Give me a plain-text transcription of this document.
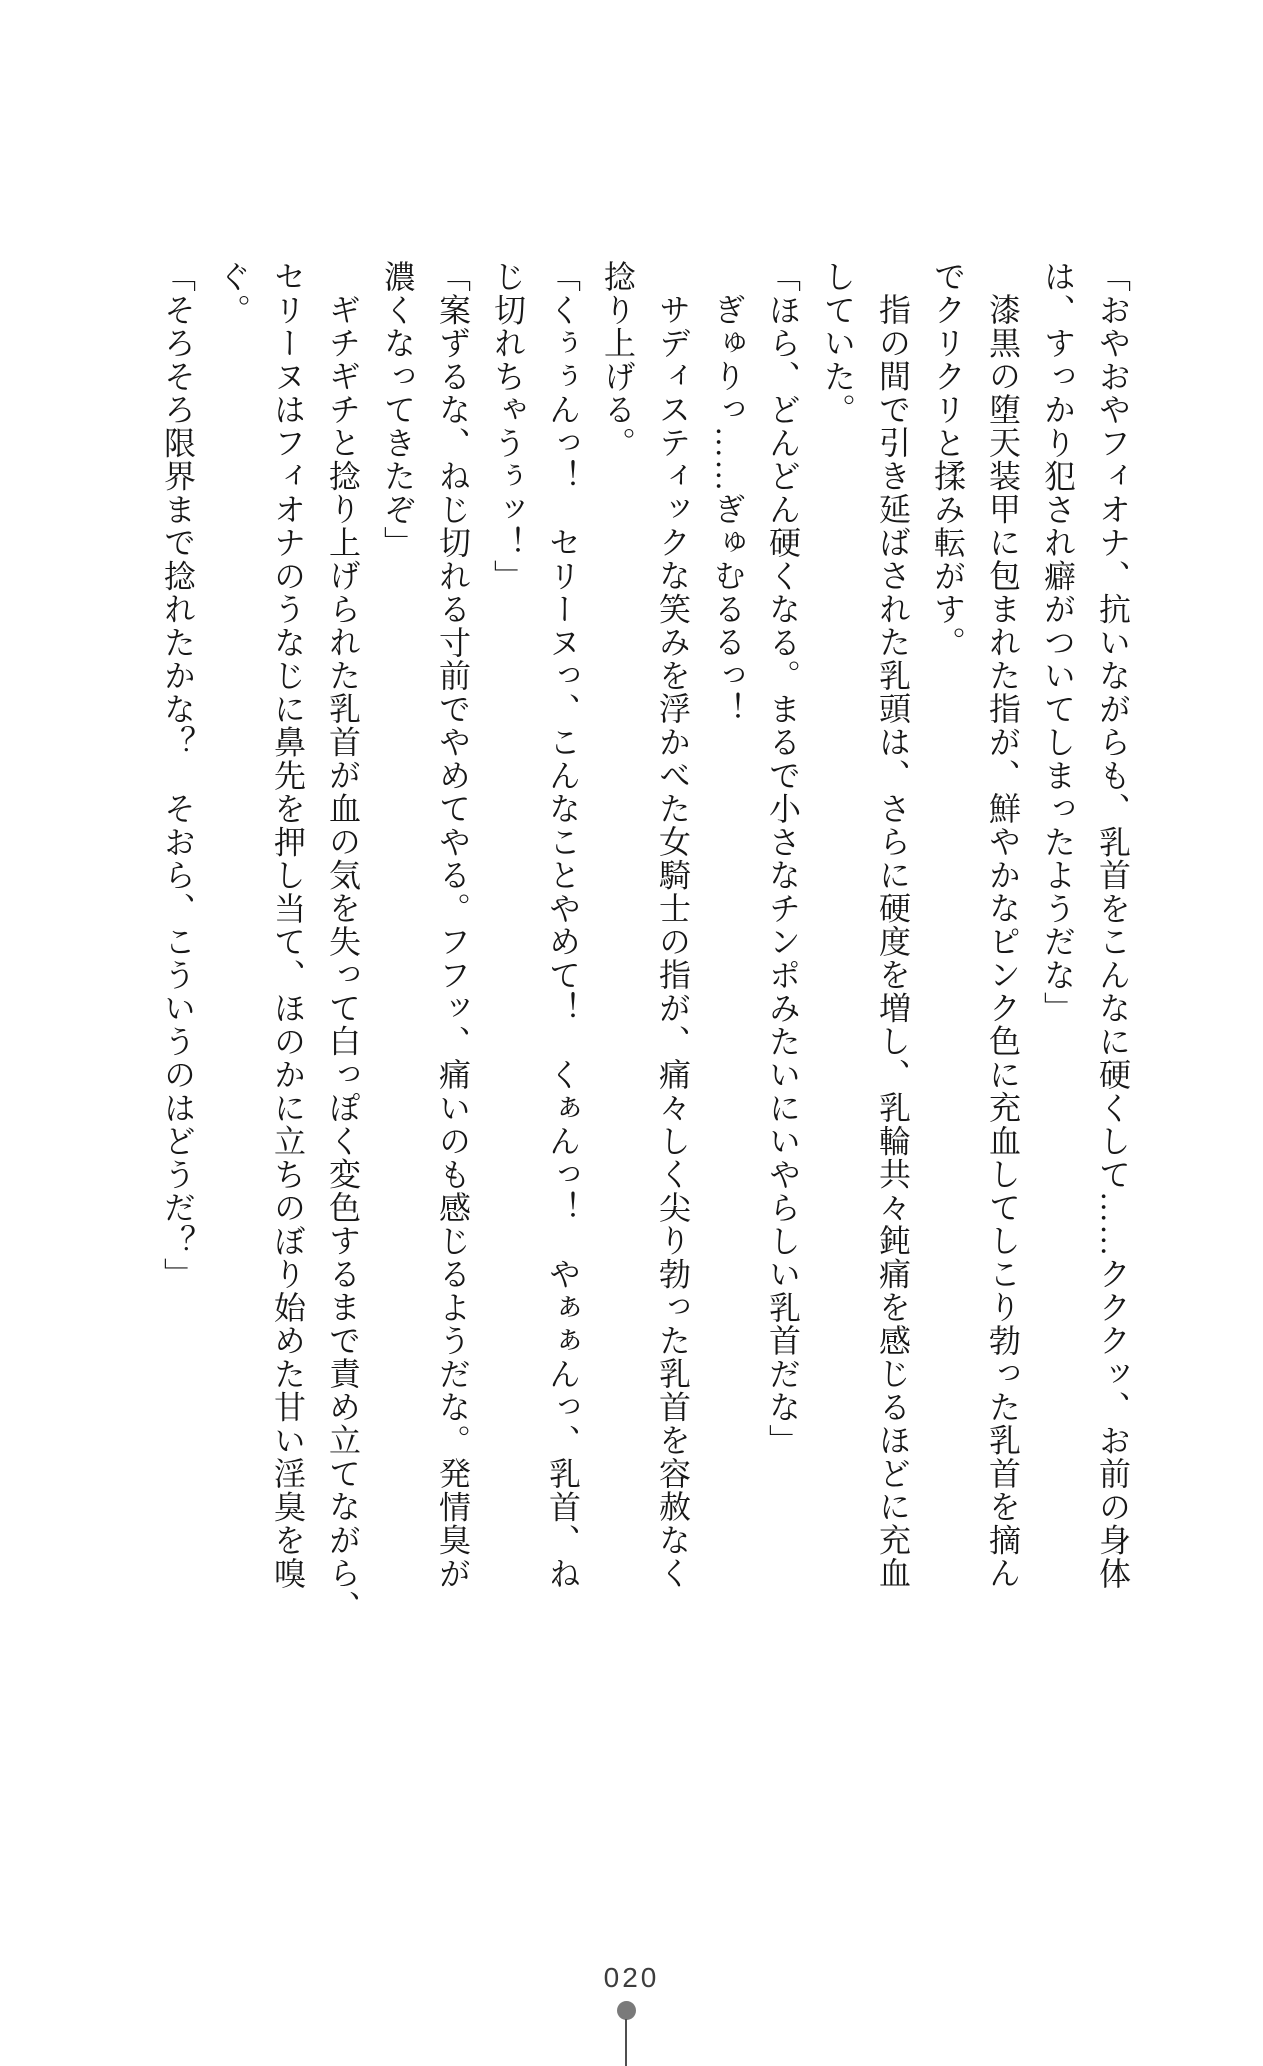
「おやおやフィオナ、抗いながらも、乳首をこんなに硬くして……クククッ、お前の身体

は、すっかり犯され癖がついてしまったようだな」

漆黒の堕天装甲に包まれた指が、鮮やかなピンク色に充血してしこり勃った乳首を摘ん

でクリクリと揉み転がす。

指の間で引き延ばされた乳頭は、さらに硬度を増し、乳輪共々鈍痛を感じるほどに充血

していた。

「ほら、どんどん硬くなる。まるで小さなチンポみたいにいやらしい乳首だな」

ぎゅりっ……ぎゅむるるっ！

サディスティックな笑みを浮かべた女騎士の指が、痛々しく尖り勃った乳首を容赦なく

捻り上げる。

「くぅぅんっ！　セリーヌっ、こんなことやめて！　くぁんっ！　やぁぁんっ、乳首、ね

じ切れちゃうぅッ！」

「案ずるな、ねじ切れる寸前でやめてやる。フフッ、痛いのも感じるようだな。発情臭が

濃くなってきたぞ」

ギチギチと捻り上げられた乳首が血の気を失って白っぽく変色するまで責め立てながら、

セリーヌはフィオナのうなじに鼻先を押し当て、ほのかに立ちのぼり始めた甘い淫臭を嗅

ぐ。

「そろそろ限界まで捻れたかな？　そおら、こういうのはどうだ？」

020
